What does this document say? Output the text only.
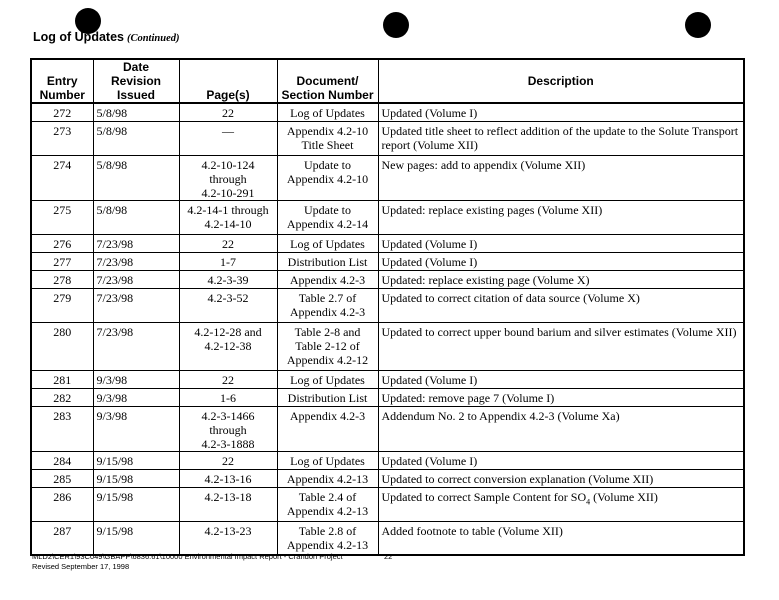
Log of Updates (Continued)
Entry
Number	Date Revision
Issued	Page(s)	Document/
Section Number	Description
272	5/8/98	22	Log of Updates	Updated (Volume I)
273	5/8/98	—	Appendix 4.2-10
Title Sheet	Updated title sheet to reflect addition of the update to the Solute Transport
report (Volume XII)
274	5/8/98	4.2-10-124 through
4.2-10-291	Update to
Appendix 4.2-10	New pages: add to appendix (Volume XII)
275	5/8/98	4.2-14-1 through
4.2-14-10	Update to
Appendix 4.2-14	Updated: replace existing pages (Volume XII)
276	7/23/98	22	Log of Updates	Updated (Volume I)
277	7/23/98	1-7	Distribution List	Updated (Volume I)
278	7/23/98	4.2-3-39	Appendix 4.2-3	Updated: replace existing page (Volume X)
279	7/23/98	4.2-3-52	Table 2.7 of
Appendix 4.2-3	Updated to correct citation of data source (Volume X)
280	7/23/98	4.2-12-28 and
4.2-12-38	Table 2-8 and
Table 2-12 of
Appendix 4.2-12	Updated to correct upper bound barium and silver estimates (Volume XII)
281	9/3/98	22	Log of Updates	Updated (Volume I)
282	9/3/98	1-6	Distribution List	Updated: remove page 7 (Volume I)
283	9/3/98	4.2-3-1466 through
4.2-3-1888	Appendix 4.2-3	Addendum No. 2 to Appendix 4.2-3 (Volume Xa)
284	9/15/98	22	Log of Updates	Updated (Volume I)
285	9/15/98	4.2-13-16	Appendix 4.2-13	Updated to correct conversion explanation (Volume XII)
286	9/15/98	4.2-13-18	Table 2.4 of
Appendix 4.2-13	Updated to correct Sample Content for $SO_4$ (Volume XII)
287	9/15/98	4.2-13-23	Table 2.8 of
Appendix 4.2-13	Added footnote to table (Volume XII)
MLD2\CER1\93C049\GBAPP\6836.61\10000 Environmental Impact Report - Crandon Project
Revised September 17, 1998
22
